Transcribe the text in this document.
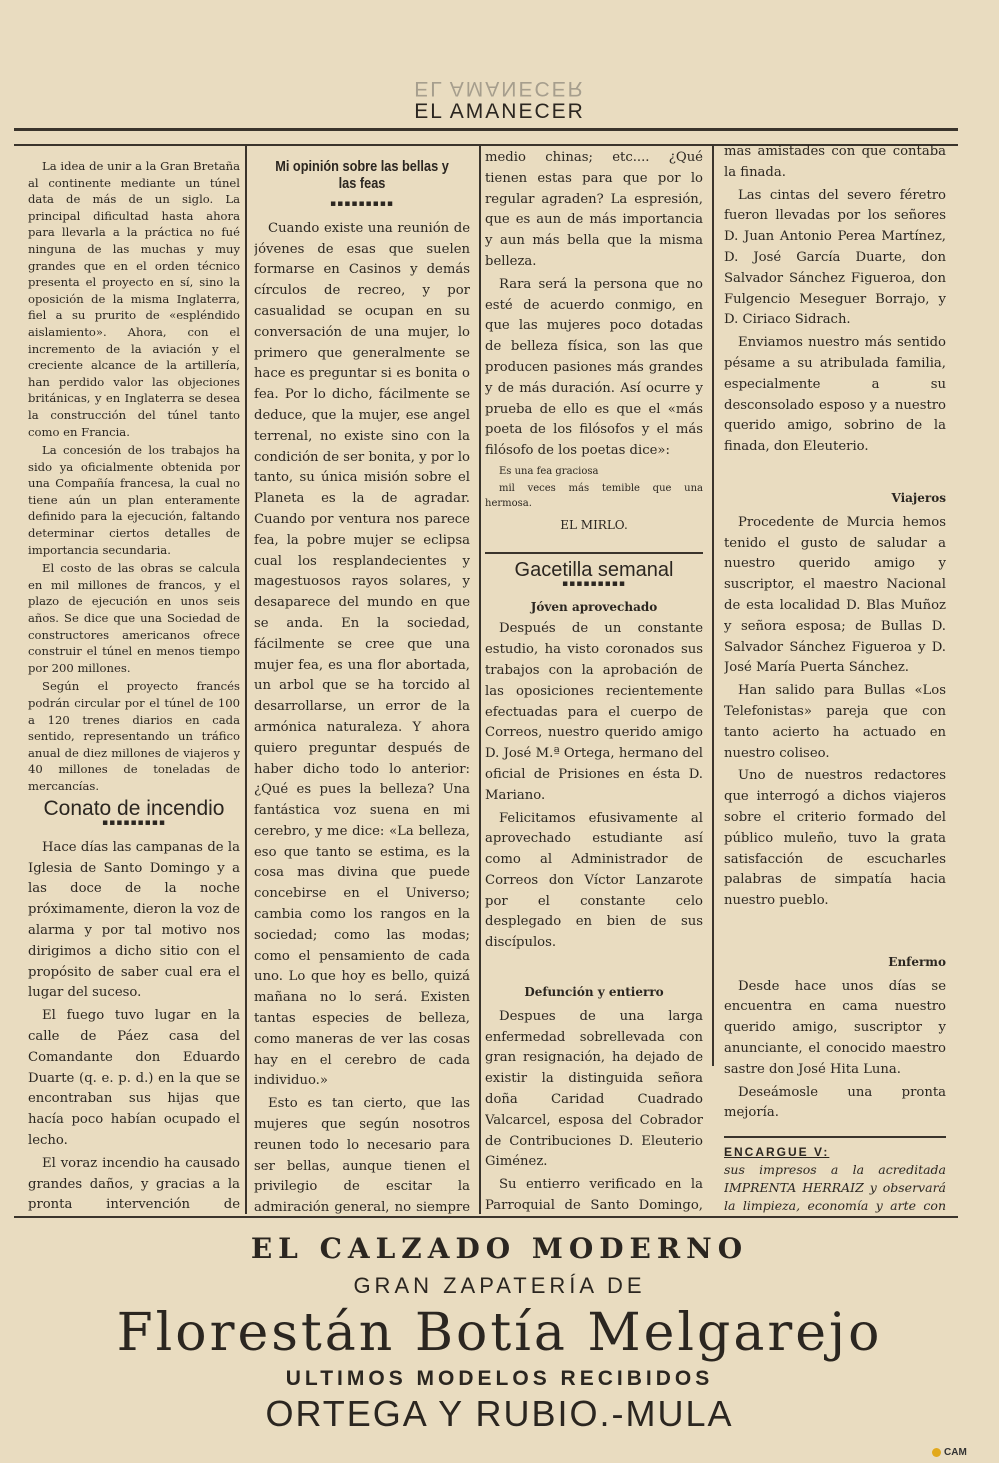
EL AMANECER
EL AMANECER

La idea de unir a la Gran Bretaña al continente mediante un túnel data de más de un siglo. La principal dificultad hasta ahora para llevarla a la práctica no fué ninguna de las muchas y muy grandes que en el orden técnico presenta el proyecto en sí, sino la oposición de la misma Inglaterra, fiel a su prurito de «espléndido aislamiento». Ahora, con el incremento de la aviación y el creciente alcance de la artillería, han perdido valor las objeciones británicas, y en Inglaterra se desea la construcción del túnel tanto como en Francia.

La concesión de los trabajos ha sido ya oficialmente obtenida por una Compañía francesa, la cual no tiene aún un plan enteramente definido para la ejecución, faltando determinar ciertos detalles de importancia secundaria.

El costo de las obras se calcula en mil millones de francos, y el plazo de ejecución en unos seis años. Se dice que una Sociedad de constructores americanos ofrece construir el túnel en menos tiempo por 200 millones.

Según el proyecto francés podrán circular por el túnel de 100 a 120 trenes diarios en cada sentido, representando un tráfico anual de diez millones de viajeros y 40 millones de toneladas de mercancías.

Conato de incendio
▪▪▪▪▪▪▪▪▪

Hace días las campanas de la Iglesia de Santo Domingo y a las doce de la noche próximamente, dieron la voz de alarma y por tal motivo nos dirigimos a dicho sitio con el propósito de saber cual era el lugar del suceso.

El fuego tuvo lugar en la calle de Páez casa del Comandante don Eduardo Duarte (q. e. p. d.) en la que se encontraban sus hijas que hacía poco habían ocupado el lecho.

El voraz incendio ha causado grandes daños, y gracias a la pronta intervención de

Mi opinión sobre las bellas y las feas
▪▪▪▪▪▪▪▪▪

Cuando existe una reunión de jóvenes de esas que suelen formarse en Casinos y demás círculos de recreo, y por casualidad se ocupan en su conversación de una mujer, lo primero que generalmente se hace es preguntar si es bonita o fea. Por lo dicho, fácilmente se deduce, que la mujer, ese angel terrenal, no existe sino con la condición de ser bonita, y por lo tanto, su única misión sobre el Planeta es la de agradar. Cuando por ventura nos parece fea, la pobre mujer se eclipsa cual los resplandecientes y magestuosos rayos solares, y desaparece del mundo en que se anda. En la sociedad, fácilmente se cree que una mujer fea, es una flor abortada, un arbol que se ha torcido al desarrollarse, un error de la armónica naturaleza. Y ahora quiero preguntar después de haber dicho todo lo anterior: ¿Qué es pues la belleza? Una fantástica voz suena en mi cerebro, y me dice: «La belleza, eso que tanto se estima, es la cosa mas divina que puede concebirse en el Universo; cambia como los rangos en la sociedad; como las modas; como el pensamiento de cada uno. Lo que hoy es bello, quizá mañana no lo será. Existen tantas especies de belleza, como maneras de ver las cosas hay en el cerebro de cada individuo.»

Esto es tan cierto, que las mujeres que según nosotros reunen todo lo necesario para ser bellas, aunque tienen el privilegio de escitar la admiración general, no siempre

medio chinas; etc.... ¿Qué tienen estas para que por lo regular agraden? La espresión, que es aun de más importancia y aun más bella que la misma belleza.

Rara será la persona que no esté de acuerdo conmigo, en que las mujeres poco dotadas de belleza física, son las que producen pasiones más grandes y de más duración. Así ocurre y prueba de ello es que el «más poeta de los filósofos y el más filósofo de los poetas dice»:

Es una fea graciosa

mil veces más temible que una hermosa.

EL MIRLO.
Gacetilla semanal
▪▪▪▪▪▪▪▪▪
Jóven aprovechado

Después de un constante estudio, ha visto coronados sus trabajos con la aprobación de las oposiciones recientemente efectuadas para el cuerpo de Correos, nuestro querido amigo D. José M.ª Ortega, hermano del oficial de Prisiones en ésta D. Mariano.

Felicitamos efusivamente al aprovechado estudiante así como al Administrador de Correos don Víctor Lanzarote por el constante celo desplegado en bien de sus discípulos.

Defunción y entierro

Despues de una larga enfermedad sobrellevada con gran resignación, ha dejado de existir la distinguida señora doña Caridad Cuadrado Valcarcel, esposa del Cobrador de Contribuciones D. Eleuterio Giménez.

Su entierro verificado en la Parroquial de Santo Domingo,

mas amistades con que contaba la finada.

Las cintas del severo féretro fueron llevadas por los señores D. Juan Antonio Perea Martínez, D. José García Duarte, don Salvador Sánchez Figueroa, don Fulgencio Meseguer Borrajo, y D. Ciriaco Sidrach.

Enviamos nuestro más sentido pésame a su atribulada familia, especialmente a su desconsolado esposo y a nuestro querido amigo, sobrino de la finada, don Eleuterio.

Viajeros

Procedente de Murcia hemos tenido el gusto de saludar a nuestro querido amigo y suscriptor, el maestro Nacional de esta localidad D. Blas Muñoz y señora esposa; de Bullas D. Salvador Sánchez Figueroa y D. José María Puerta Sánchez.

Han salido para Bullas «Los Telefonistas» pareja que con tanto acierto ha actuado en nuestro coliseo.

Uno de nuestros redactores que interrogó a dichos viajeros sobre el criterio formado del público muleño, tuvo la grata satisfacción de escucharles palabras de simpatía hacia nuestro pueblo.

Enfermo

Desde hace unos días se encuentra en cama nuestro querido amigo, suscriptor y anunciante, el conocido maestro sastre don José Hita Luna.

Deseámosle una pronta mejoría.

ENCARGUE V:

sus impresos a la acreditada IMPRENTA HERRAIZ y observará la limpieza, economía y arte con

EL CALZADO MODERNO

GRAN ZAPATERÍA DE

Florestán Botía Melgarejo

ULTIMOS MODELOS RECIBIDOS

ORTEGA Y RUBIO.-MULA

CAM
